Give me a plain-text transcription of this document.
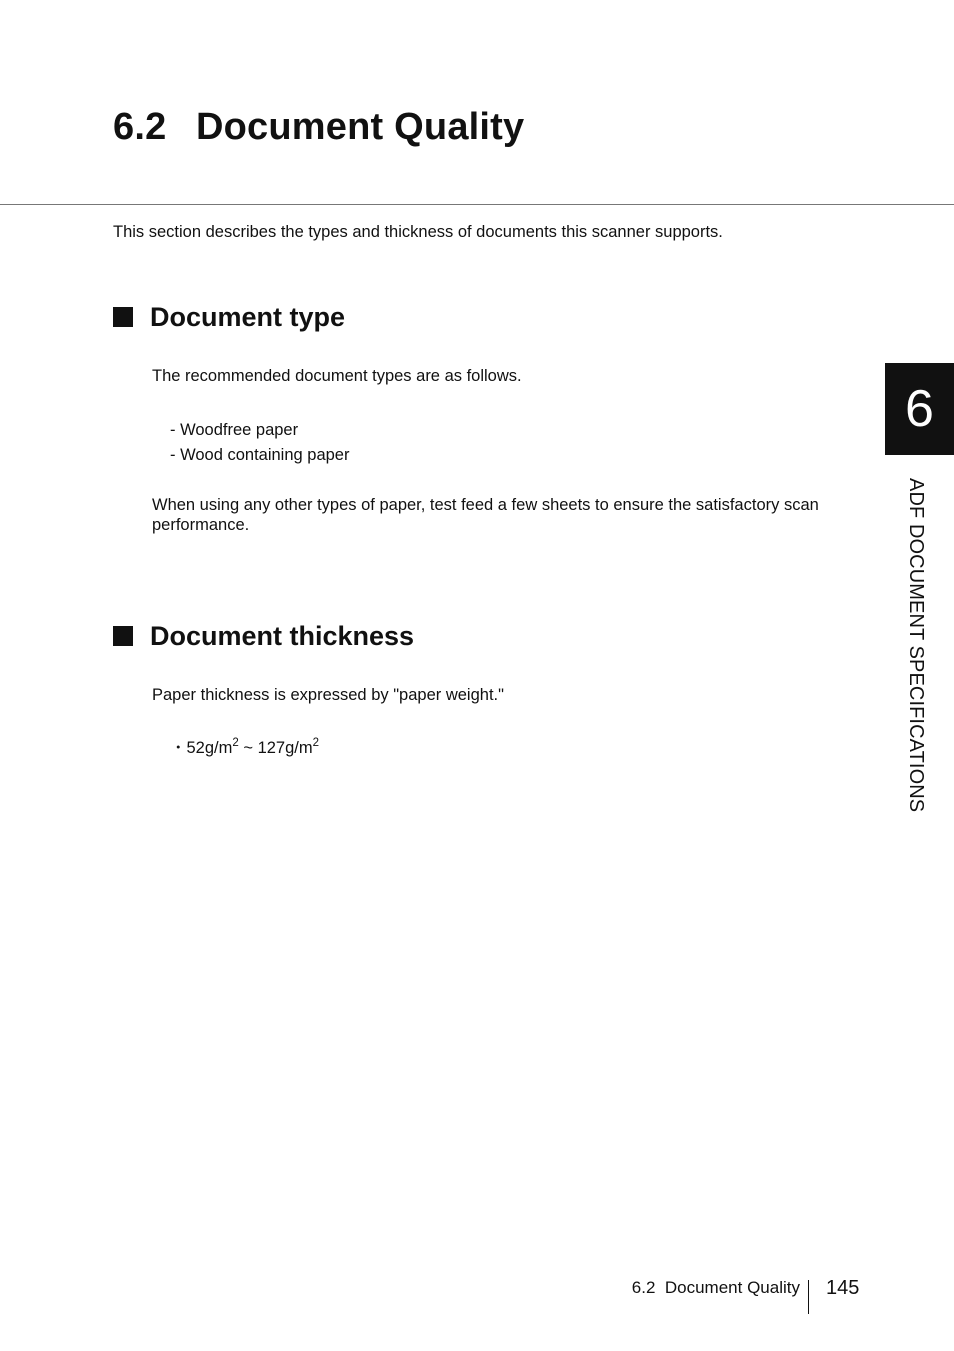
6.2 Document Quality

This section describes the types and thickness of documents this scanner supports.

Document type

The recommended document types are as follows.

- Woodfree paper
- Wood containing paper

When using any other types of paper, test feed a few sheets to ensure the satisfactory scan performance.

Document thickness

Paper thickness is expressed by "paper weight."

・$52g/m^2$ ~ $127g/m^2$
6
ADF DOCUMENT SPECIFICATIONS
6.2  Document Quality 145
